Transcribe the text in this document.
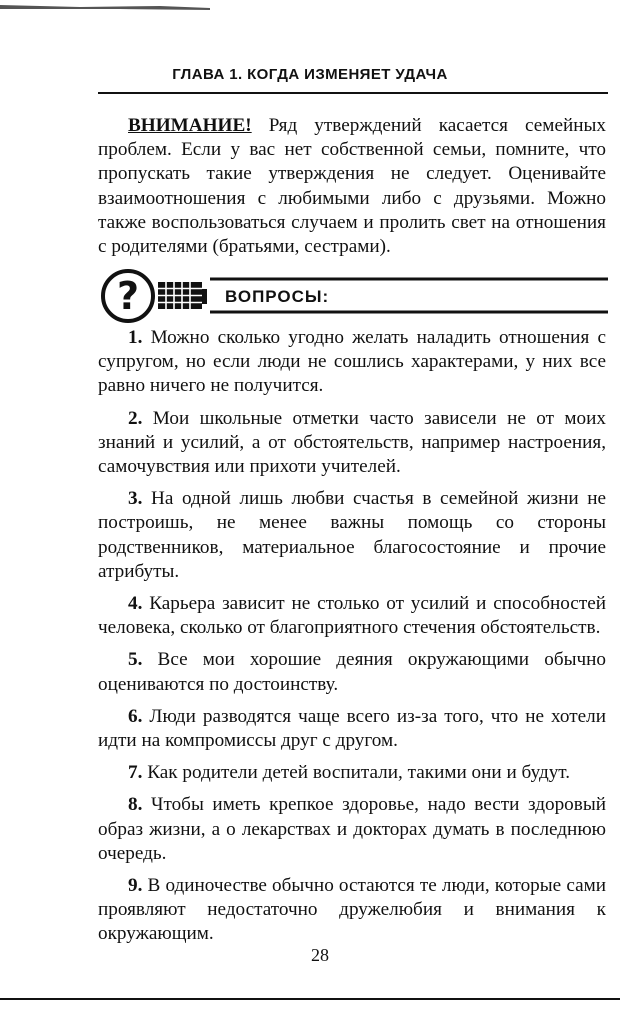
ГЛАВА 1. КОГДА ИЗМЕНЯЕТ УДАЧА

ВНИМАНИЕ! Ряд утверждений касается семейных проблем. Если у вас нет собственной семьи, помните, что пропускать такие утверждения не следует. Оценивайте взаимоотношения с любимыми либо с друзьями. Можно также воспользоваться случаем и пролить свет на отношения с родителями (братьями, сестрами).

?	ВОПРОСЫ:
1. Можно сколько угодно желать наладить отношения с супругом, но если люди не сошлись характерами, у них все равно ничего не получится.
2. Мои школьные отметки часто зависели не от моих знаний и усилий, а от обстоятельств, например настроения, самочувствия или прихоти учителей.
3. На одной лишь любви счастья в семейной жизни не построишь, не менее важны помощь со стороны родственников, материальное благосостояние и прочие атрибуты.
4. Карьера зависит не столько от усилий и способностей человека, сколько от благоприятного стечения обстоятельств.
5. Все мои хорошие деяния окружающими обычно оцениваются по достоинству.
6. Люди разводятся чаще всего из-за того, что не хотели идти на компромиссы друг с другом.
7. Как родители детей воспитали, такими они и будут.
8. Чтобы иметь крепкое здоровье, надо вести здоровый образ жизни, а о лекарствах и докторах думать в последнюю очередь.
9. В одиночестве обычно остаются те люди, которые сами проявляют недостаточно дружелюбия и внимания к окружающим.
28
